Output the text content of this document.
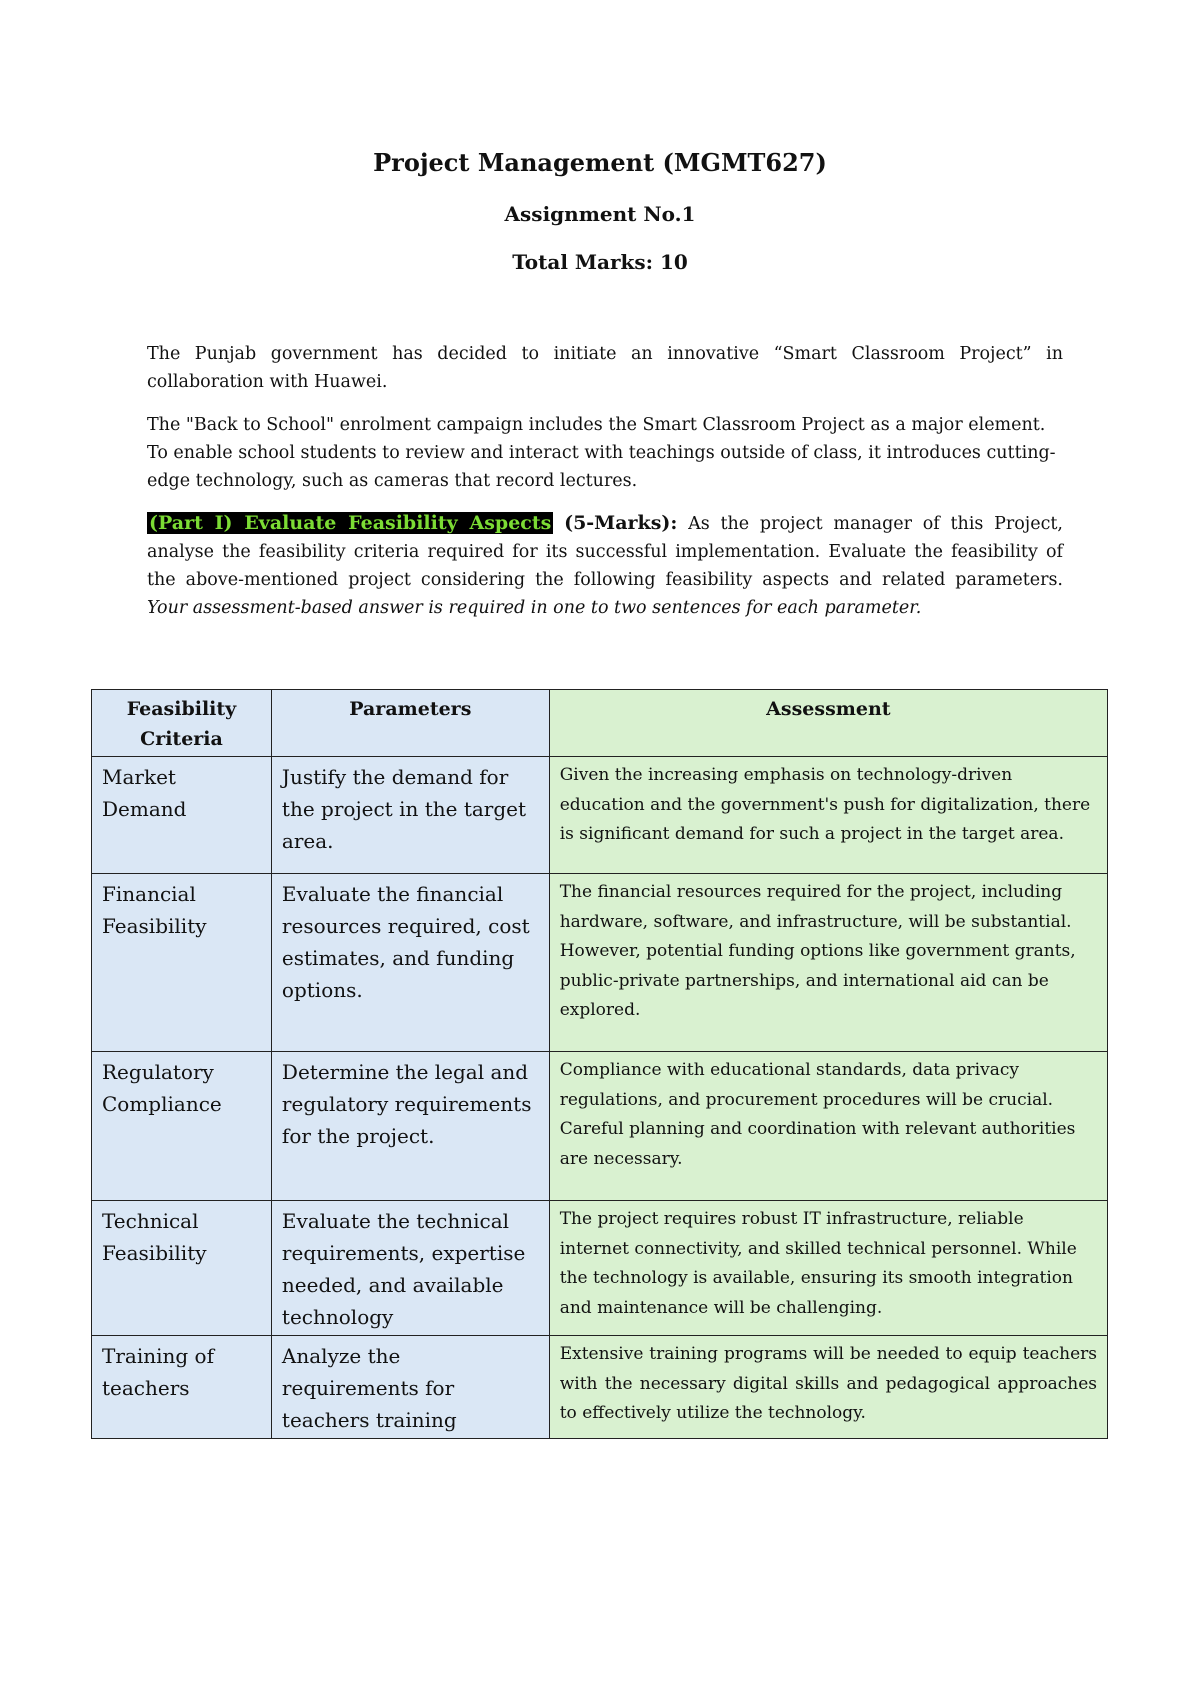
Project Management (MGMT627)
Assignment No.1
Total Marks: 10
The Punjab government has decided to initiate an innovative “Smart Classroom Project” in collaboration with Huawei.
The "Back to School" enrolment campaign includes the Smart Classroom Project as a major element. To enable school students to review and interact with teachings outside of class, it introduces cutting-edge technology, such as cameras that record lectures.
(Part I) Evaluate Feasibility Aspects (5-Marks): As the project manager of this Project, analyse the feasibility criteria required for its successful implementation. Evaluate the feasibility of the above-mentioned project considering the following feasibility aspects and related parameters. Your assessment-based answer is required in one to two sentences for each parameter.
Feasibility Criteria	Parameters	Assessment
Market Demand	Justify the demand for the project in the target area.	Given the increasing emphasis on technology-driven education and the government's push for digitalization, there is significant demand for such a project in the target area.
Financial Feasibility	Evaluate the financial resources required, cost estimates, and funding options.	The financial resources required for the project, including hardware, software, and infrastructure, will be substantial. However, potential funding options like government grants, public-private partnerships, and international aid can be explored.
Regulatory Compliance	Determine the legal and regulatory requirements for the project.	Compliance with educational standards, data privacy regulations, and procurement procedures will be crucial. Careful planning and coordination with relevant authorities are necessary.
Technical Feasibility	Evaluate the technical requirements, expertise needed, and available technology	The project requires robust IT infrastructure, reliable internet connectivity, and skilled technical personnel. While the technology is available, ensuring its smooth integration and maintenance will be challenging.
Training of teachers	Analyze the requirements for teachers training	Extensive training programs will be needed to equip teachers with the necessary digital skills and pedagogical approaches to effectively utilize the technology.
